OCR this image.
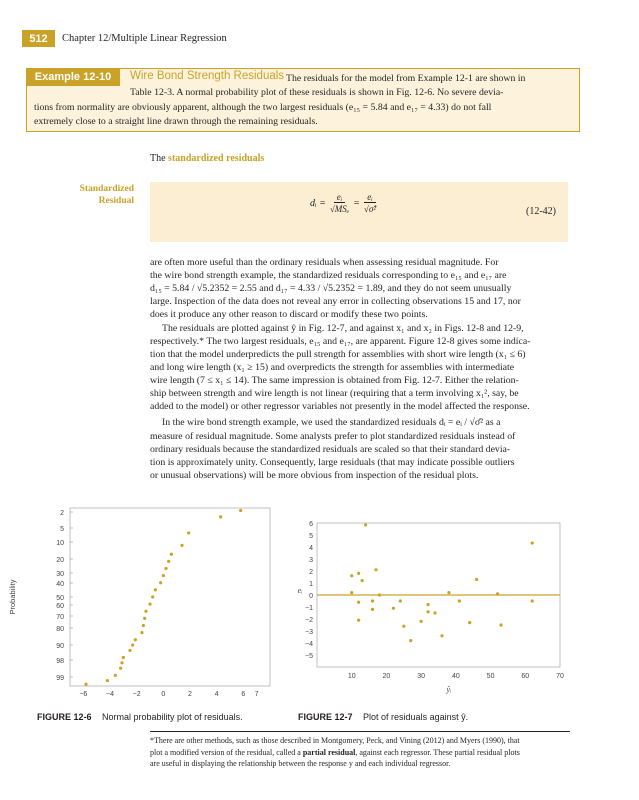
512	Chapter 12/Multiple Linear Regression
Example 12-10	Wire Bond Strength Residuals The residuals for the model from Example 12-1 are shown in
Table 12-3. A normal probability plot of these residuals is shown in Fig. 12-6. No severe devia-
tions from normality are obviously apparent, although the two largest residuals (e₁₅ = 5.84 and e₁₇ = 4.33) do not fall
extremely close to a straight line drawn through the remaining residuals.
The standardized residuals
Standardized
Residual	dᵢ = $\frac{\text{eᵢ}}{\text{√MSₑ}} = \frac{\text{eᵢ}}{\text{√σ̂²}}$	(12-42)
are often more useful than the ordinary residuals when assessing residual magnitude. For
the wire bond strength example, the standardized residuals corresponding to e₁₅ and e₁₇ are
d₁₅ = 5.84 / √5.2352 = 2.55 and d₁₇ = 4.33 / √5.2352 = 1.89, and they do not seem unusually
large. Inspection of the data does not reveal any error in collecting observations 15 and 17, nor
does it produce any other reason to discard or modify these two points.
The residuals are plotted against ŷ in Fig. 12-7, and against x₁ and x₂ in Figs. 12-8 and 12-9,
respectively.* The two largest residuals, e₁₅ and e₁₇, are apparent. Figure 12-8 gives some indica-
tion that the model underpredicts the pull strength for assemblies with short wire length (x₁ ≤ 6)
and long wire length (x₁ ≥ 15) and overpredicts the strength for assemblies with intermediate
wire length (7 ≤ x₁ ≤ 14). The same impression is obtained from Fig. 12-7. Either the relation-
ship between strength and wire length is not linear (requiring that a term involving x₁², say, be
added to the model) or other regressor variables not presently in the model affected the response.
In the wire bond strength example, we used the standardized residuals dᵢ = eᵢ / √σ̂² as a
measure of residual magnitude. Some analysts prefer to plot standardized residuals instead of
ordinary residuals because the standardized residuals are scaled so that their standard devia-
tion is approximately unity. Consequently, large residuals (that may indicate possible outliers
or unusual observations) will be more obvious from inspection of the residual plots.
2
5
10
20
30
40
50
60
70
80
90
98
99
−6	−4	−2	0	2	4	6 7
Probability
6
5
4
3
2
1
0
−1
−2
−3
−4
−5
10	20	30	40	50	60	70
eᵢ
ŷᵢ
FIGURE 12-6 Normal probability plot of residuals.	FIGURE 12-7 Plot of residuals against ŷ.
*There are other methods, such as those described in Montgomery, Peck, and Vining (2012) and Myers (1990), that
plot a modified version of the residual, called a partial residual, against each regressor. These partial residual plots
are useful in displaying the relationship between the response y and each individual regressor.
